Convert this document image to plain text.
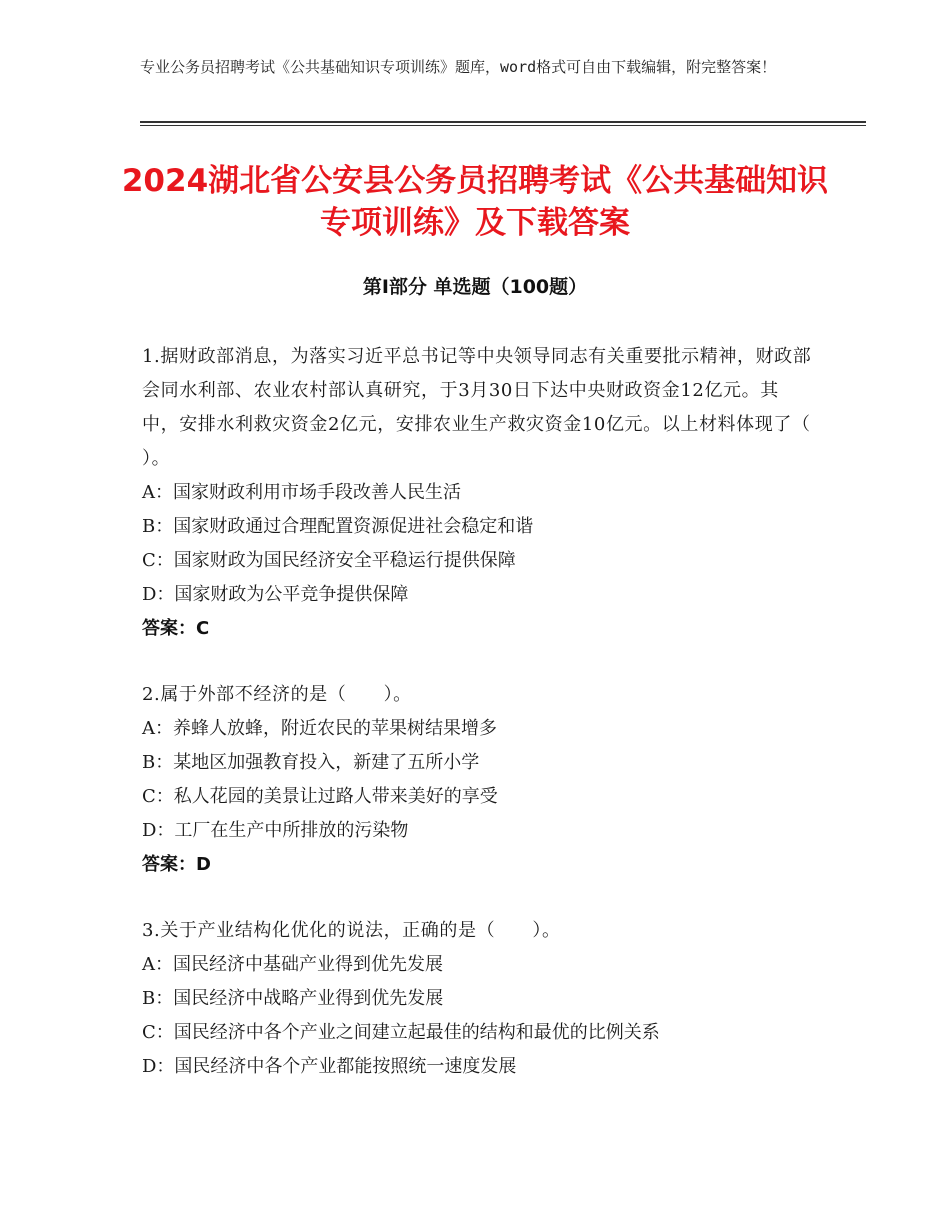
专业公务员招聘考试《公共基础知识专项训练》题库，word格式可自由下载编辑，附完整答案！
2024湖北省公安县公务员招聘考试《公共基础知识专项训练》及下载答案
第Ⅰ部分 单选题（100题）
1.据财政部消息，为落实习近平总书记等中央领导同志有关重要批示精神，财政部会同水利部、农业农村部认真研究，于3月30日下达中央财政资金12亿元。其中，安排水利救灾资金2亿元，安排农业生产救灾资金10亿元。以上材料体现了（　　）。
A：国家财政利用市场手段改善人民生活
B：国家财政通过合理配置资源促进社会稳定和谐
C：国家财政为国民经济安全平稳运行提供保障
D：国家财政为公平竞争提供保障
答案：C
2.属于外部不经济的是（　　）。
A：养蜂人放蜂，附近农民的苹果树结果增多
B：某地区加强教育投入，新建了五所小学
C：私人花园的美景让过路人带来美好的享受
D：工厂在生产中所排放的污染物
答案：D
3.关于产业结构化优化的说法，正确的是（　　）。
A：国民经济中基础产业得到优先发展
B：国民经济中战略产业得到优先发展
C：国民经济中各个产业之间建立起最佳的结构和最优的比例关系
D：国民经济中各个产业都能按照统一速度发展
